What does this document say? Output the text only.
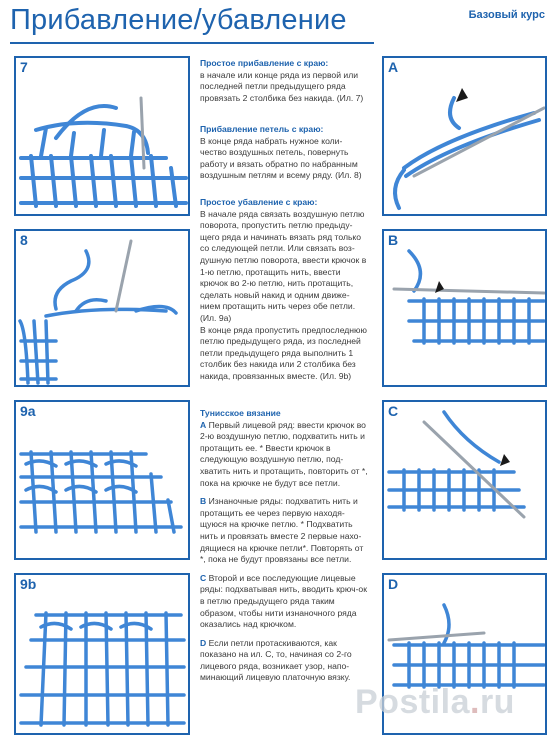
Прибавление/убавление	Базовый курс
7
8
9a
9b
A
B
C
D
Простое прибавление с краю:

в начале или конце ряда из первой или последней петли предыдущего ряда провязать 2 столбика без накида. (Ил. 7)

Прибавление петель с краю:

В конце ряда набрать нужное коли-чество воздушных петель, повернуть работу и вязать обратно по набранным воздушным петлям и всему ряду. (Ил. 8)

Простое убавление с краю:

В начале ряда связать воздушную петлю поворота, пропустить петлю предыду-щего ряда и начинать вязать ряд только со следующей петли. Или связать воз-душную петлю поворота, ввести крючок в 1-ю петлю, протащить нить, ввести крючок во 2-ю петлю, нить протащить, сделать новый накид и одним движе-нием протащить нить через обе петли. (Ил. 9а)

В конце ряда пропустить предпоследнюю петлю предыдущего ряда, из последней петли предыдущего ряда выполнить 1 столбик без накида или 2 столбика без накида, провязанных вместе. (Ил. 9b)

Тунисское вязание

A Первый лицевой ряд: ввести крючок во 2-ю воздушную петлю, подхватить нить и протащить ее. * Ввести крючок в следующую воздушную петлю, под-хватить нить и протащить, повторить от *, пока на крючке не будут все петли.

B Изнаночные ряды: подхватить нить и протащить ее через первую находя-щуюся на крючке петлю. * Подхватить нить и провязать вместе 2 первые нахо-дящиеся на крючке петли*. Повторять от *, пока не будут провязаны все петли.

C Второй и все последующие лицевые ряды: подхватывая нить, вводить крюч-ок в петлю предыдущего ряда таким образом, чтобы нити изнаночного ряда оказались над крючком.

D Если петли протаскиваются, как показано на ил. С, то, начиная со 2-го лицевого ряда, возникает узор, напо-минающий лицевую платочную вязку.

Postila.ru
